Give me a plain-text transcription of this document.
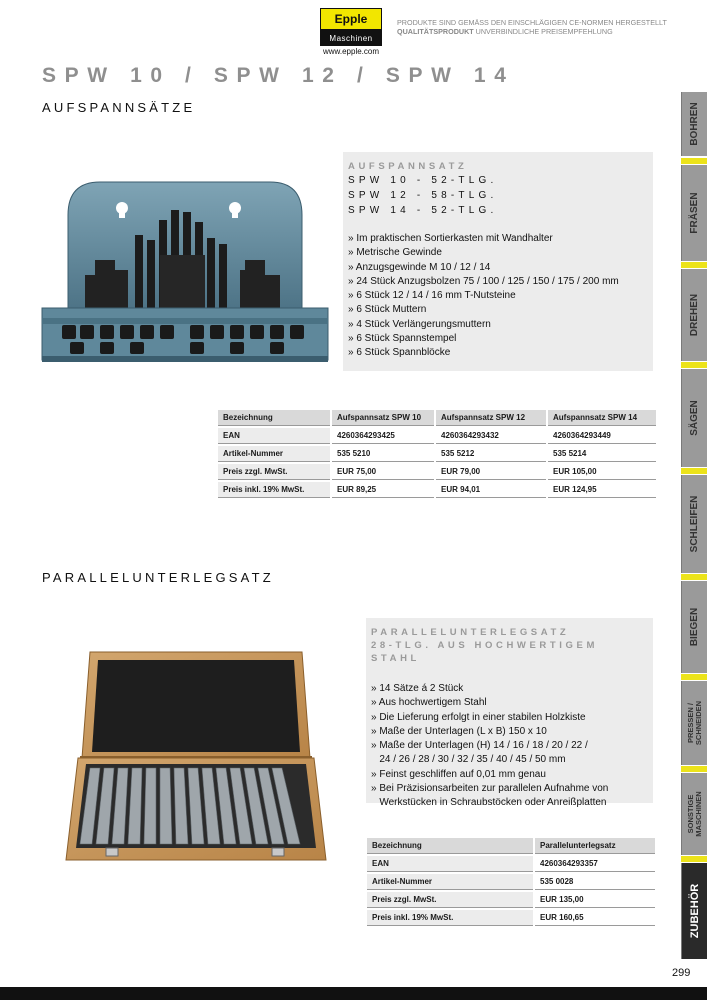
Epple
Maschinen
www.epple.com
PRODUKTE SIND GEMÄSS DEN EINSCHLÄGIGEN CE-NORMEN HERGESTELLT
QUALITÄTSPRODUKT UNVERBINDLICHE PREISEMPFEHLUNG
SPW 10 / SPW 12 / SPW 14
AUFSPANNSÄTZE
AUFSPANNSATZ
SPW 10 - 52-TLG.
SPW 12 - 58-TLG.
SPW 14 - 52-TLG.
» Im praktischen Sortierkasten mit Wandhalter
» Metrische Gewinde
» Anzugsgewinde M 10 / 12 / 14
» 24 Stück Anzugsbolzen 75 / 100 / 125 / 150 / 175 / 200 mm
» 6 Stück 12 / 14 / 16 mm T-Nutsteine
» 6 Stück Muttern
» 4 Stück Verlängerungsmuttern
» 6 Stück Spannstempel
» 6 Stück Spannblöcke
Bezeichnung	Aufspannsatz SPW 10	Aufspannsatz SPW 12	Aufspannsatz SPW 14
EAN	4260364293425	4260364293432	4260364293449
Artikel-Nummer	535 5210	535 5212	535 5214
Preis zzgl. MwSt.	EUR 75,00	EUR 79,00	EUR 105,00
Preis inkl. 19% MwSt.	EUR 89,25	EUR 94,01	EUR 124,95
PARALLELUNTERLEGSATZ
PARALLELUNTERLEGSATZ
28-TLG. AUS HOCHWERTIGEM STAHL
» 14 Sätze á 2 Stück
» Aus hochwertigem Stahl
» Die Lieferung erfolgt in einer stabilen Holzkiste
» Maße der Unterlagen (L x B) 150 x 10
» Maße der Unterlagen (H) 14 / 16 / 18 / 20 / 22 /
24 / 26 / 28 / 30 / 32 / 35 / 40 / 45 / 50 mm
» Feinst geschliffen auf 0,01 mm genau
» Bei Präzisionsarbeiten zur parallelen Aufnahme von
Werkstücken in Schraubstöcken oder Anreißplatten
Bezeichnung	Parallelunterlegsatz
EAN	4260364293357
Artikel-Nummer	535 0028
Preis zzgl. MwSt.	EUR 135,00
Preis inkl. 19% MwSt.	EUR 160,65
BOHREN
FRÄSEN
DREHEN
SÄGEN
SCHLEIFEN
BIEGEN
PRESSEN / SCHNEIDEN
SONSTIGE MASCHINEN
ZUBEHÖR
299
